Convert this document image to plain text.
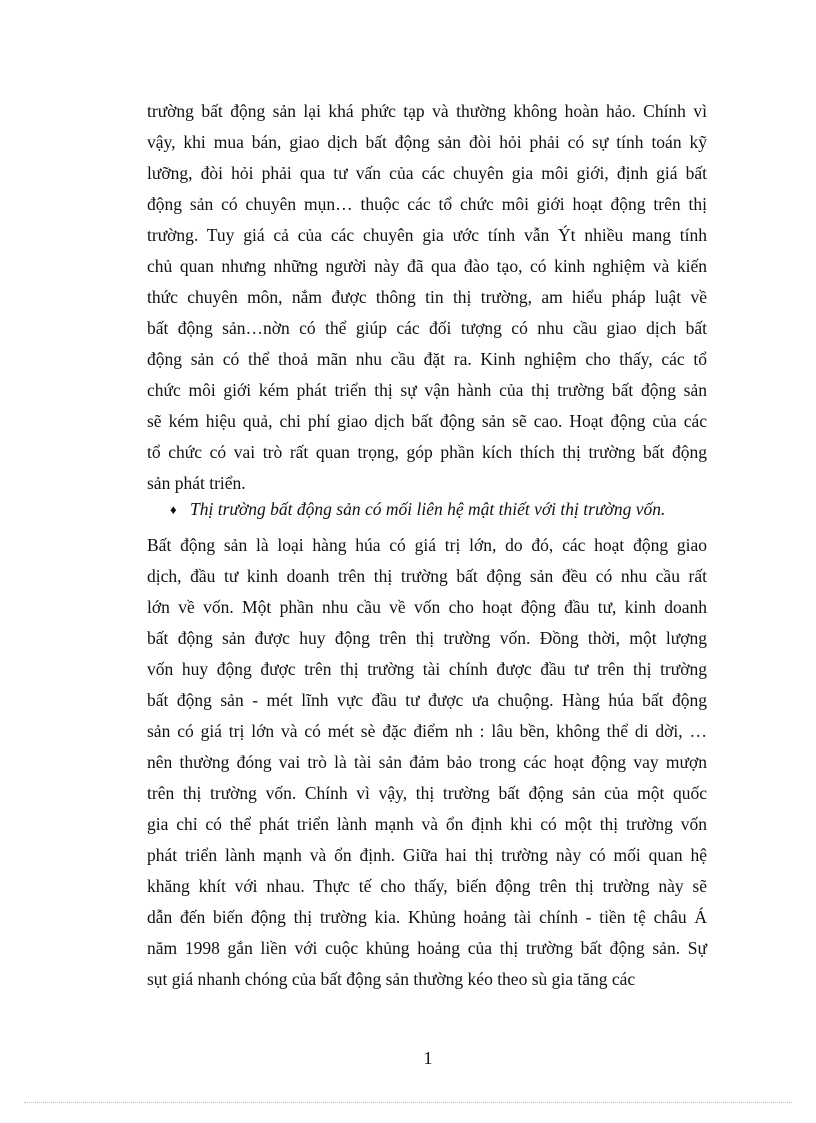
trường bất động sản lại khá phức tạp và thường không hoàn hảo. Chính vì
vậy, khi mua bán, giao dịch bất động sản đòi hỏi phải có sự tính toán kỹ
lưỡng, đòi hỏi phải qua tư vấn của các chuyên gia môi giới, định giá bất
động sản có chuyên mụn… thuộc các tổ chức môi giới hoạt động trên thị
trường. Tuy giá cả của các chuyên gia ước tính vẫn Ýt nhiều mang tính
chủ quan nhưng những người này đã qua đào tạo, có kinh nghiệm và kiến
thức chuyên môn, nắm được thông tin thị trường, am hiểu pháp luật về
bất động sản…nờn có thể giúp các đối tượng có nhu cầu giao dịch bất
động sản có thể thoả mãn nhu cầu đặt ra. Kinh nghiệm cho thấy, các tổ
chức môi giới kém phát triển thị sự vận hành của thị trường bất động sản
sẽ kém hiệu quả, chi phí giao dịch bất động sản sẽ cao. Hoạt động của các
tổ chức có vai trò rất quan trọng, góp phần kích thích thị trường bất động
sản phát triển.
♦ Thị trường bất động sản có mối liên hệ mật thiết với thị trường vốn.
Bất động sản là loại hàng húa có giá trị lớn, do đó, các hoạt động giao
dịch, đầu tư kinh doanh trên thị trường bất động sản đều có nhu cầu rất
lớn về vốn. Một phần nhu cầu về vốn cho hoạt động đầu tư, kinh doanh
bất động sản được huy động trên thị trường vốn. Đồng thời, một lượng
vốn huy động được trên thị trường tài chính được đầu tư trên thị trường
bất động sản - mét lĩnh vực đầu tư được ưa chuộng. Hàng húa bất động
sản có giá trị lớn và có mét sè đặc điểm nh : lâu bền, không thể di dời, …
nên thường đóng vai trò là tài sản đảm bảo trong các hoạt động vay mượn
trên thị trường vốn. Chính vì vậy, thị trường bất động sản của một quốc
gia chỉ có thể phát triển lành mạnh và ổn định khi có một thị trường vốn
phát triển lành mạnh và ổn định. Giữa hai thị trường này có mối quan hệ
khăng khít với nhau. Thực tế cho thấy, biến động trên thị trường này sẽ
dẫn đến biến động thị trường kia. Khủng hoảng tài chính - tiền tệ châu Á
năm 1998 gắn liền với cuộc khủng hoảng của thị trường bất động sản. Sự
sụt giá nhanh chóng của bất động sản thường kéo theo sù gia tăng các
1
